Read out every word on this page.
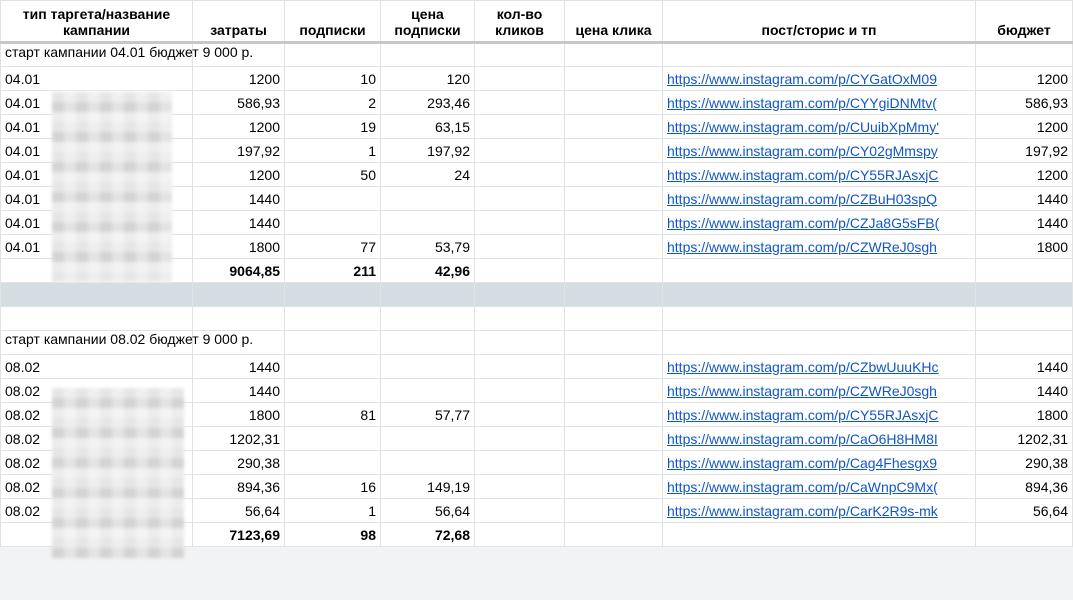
тип таргета/название кампании	затраты	подписки	цена подписки	кол-во кликов	цена клика	пост/сторис и тп	бюджет
старт кампании 04.01 бюджет 9 000 р.							
04.01	1200	10	120			https://www.instagram.com/p/CYGatOxM09	1200
04.01	586,93	2	293,46			https://www.instagram.com/p/CYYgiDNMtv(	586,93
04.01	1200	19	63,15			https://www.instagram.com/p/CUuibXpMmy'	1200
04.01	197,92	1	197,92			https://www.instagram.com/p/CY02gMmspy	197,92
04.01	1200	50	24			https://www.instagram.com/p/CY55RJAsxjC	1200
04.01	1440					https://www.instagram.com/p/CZBuH03spQ	1440
04.01	1440					https://www.instagram.com/p/CZJa8G5sFB(	1440
04.01	1800	77	53,79			https://www.instagram.com/p/CZWReJ0sgh	1800
	9064,85	211	42,96				

старт кампании 08.02 бюджет 9 000 р.							
08.02	1440					https://www.instagram.com/p/CZbwUuuKHc	1440
08.02	1440					https://www.instagram.com/p/CZWReJ0sgh	1440
08.02	1800	81	57,77			https://www.instagram.com/p/CY55RJAsxjC	1800
08.02	1202,31					https://www.instagram.com/p/CaO6H8HM8I	1202,31
08.02	290,38					https://www.instagram.com/p/Cag4Fhesgx9	290,38
08.02	894,36	16	149,19			https://www.instagram.com/p/CaWnpC9Mx(	894,36
08.02	56,64	1	56,64			https://www.instagram.com/p/CarK2R9s-mk	56,64
	7123,69	98	72,68				
